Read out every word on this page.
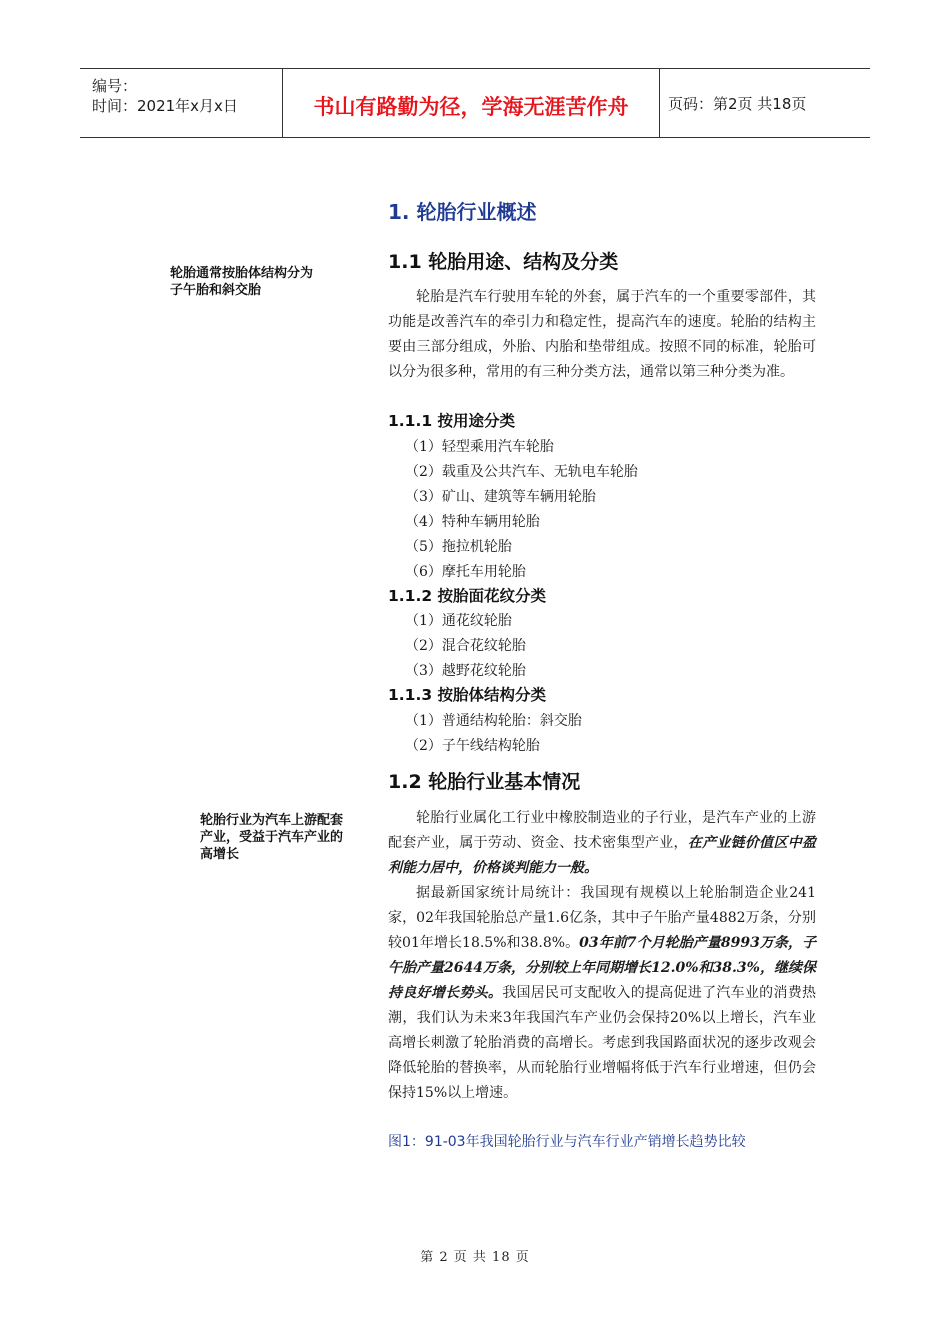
编号：
时间：2021年x月x日	书山有路勤为径，学海无涯苦作舟	页码：第2页 共18页
轮胎通常按胎体结构分为
子午胎和斜交胎
轮胎行业为汽车上游配套
产业，受益于汽车产业的
高增长
1. 轮胎行业概述
1.1 轮胎用途、结构及分类
轮胎是汽车行驶用车轮的外套，属于汽车的一个重要零部件，其功能是改善汽车的牵引力和稳定性，提高汽车的速度。轮胎的结构主要由三部分组成，外胎、内胎和垫带组成。按照不同的标准，轮胎可以分为很多种，常用的有三种分类方法，通常以第三种分类为准。
1.1.1 按用途分类
（1）轻型乘用汽车轮胎
（2）载重及公共汽车、无轨电车轮胎
（3）矿山、建筑等车辆用轮胎
（4）特种车辆用轮胎
（5）拖拉机轮胎
（6）摩托车用轮胎
1.1.2 按胎面花纹分类
（1）通花纹轮胎
（2）混合花纹轮胎
（3）越野花纹轮胎
1.1.3 按胎体结构分类
（1）普通结构轮胎：斜交胎
（2）子午线结构轮胎
1.2 轮胎行业基本情况
轮胎行业属化工行业中橡胶制造业的子行业，是汽车产业的上游配套产业，属于劳动、资金、技术密集型产业，在产业链价值区中盈利能力居中，价格谈判能力一般。
据最新国家统计局统计：我国现有规模以上轮胎制造企业241家，02年我国轮胎总产量1.6亿条，其中子午胎产量4882万条，分别较01年增长18.5%和38.8%。03年前7个月轮胎产量8993万条，子午胎产量2644万条，分别较上年同期增长12.0%和38.3%，继续保持良好增长势头。我国居民可支配收入的提高促进了汽车业的消费热潮，我们认为未来3年我国汽车产业仍会保持20%以上增长，汽车业高增长刺激了轮胎消费的高增长。考虑到我国路面状况的逐步改观会降低轮胎的替换率，从而轮胎行业增幅将低于汽车行业增速，但仍会保持15%以上增速。
图1：91-03年我国轮胎行业与汽车行业产销增长趋势比较
第 2 页 共 18 页
